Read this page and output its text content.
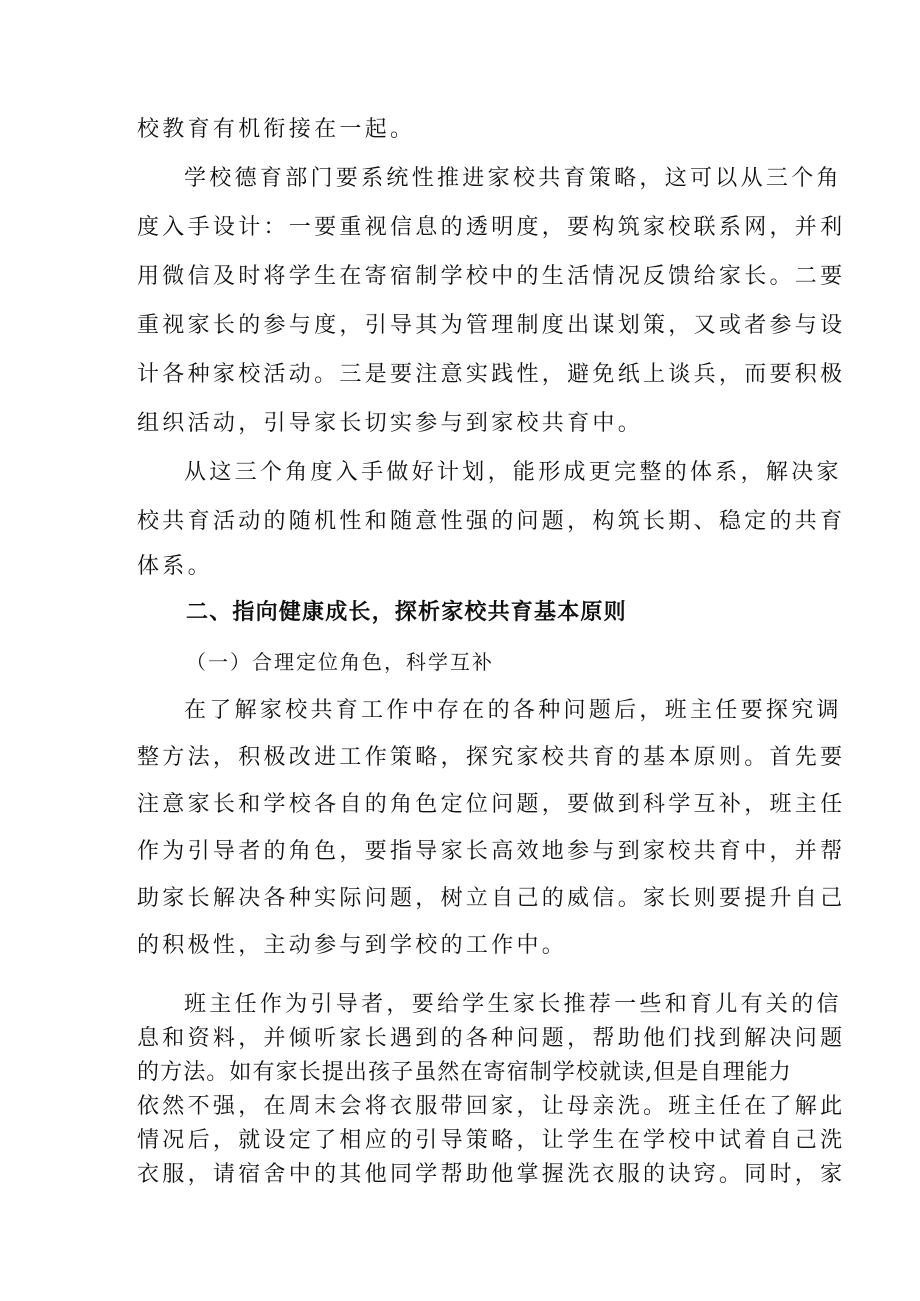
校教育有机衔接在一起。
学校德育部门要系统性推进家校共育策略，这可以从三个角
度入手设计：一要重视信息的透明度，要构筑家校联系网，并利
用微信及时将学生在寄宿制学校中的生活情况反馈给家长。二要
重视家长的参与度，引导其为管理制度出谋划策，又或者参与设
计各种家校活动。三是要注意实践性，避免纸上谈兵，而要积极
组织活动，引导家长切实参与到家校共育中。
从这三个角度入手做好计划，能形成更完整的体系，解决家
校共育活动的随机性和随意性强的问题，构筑长期、稳定的共育
体系。
二、指向健康成长，探析家校共育基本原则
（一）合理定位角色，科学互补
在了解家校共育工作中存在的各种问题后，班主任要探究调
整方法，积极改进工作策略，探究家校共育的基本原则。首先要
注意家长和学校各自的角色定位问题，要做到科学互补，班主任
作为引导者的角色，要指导家长高效地参与到家校共育中，并帮
助家长解决各种实际问题，树立自己的威信。家长则要提升自己
的积极性，主动参与到学校的工作中。
班主任作为引导者，要给学生家长推荐一些和育儿有关的信
息和资料，并倾听家长遇到的各种问题，帮助他们找到解决问题
的方法。如有家长提出孩子虽然在寄宿制学校就读,但是自理能力
依然不强，在周末会将衣服带回家，让母亲洗。班主任在了解此
情况后，就设定了相应的引导策略，让学生在学校中试着自己洗
衣服，请宿舍中的其他同学帮助他掌握洗衣服的诀窍。同时，家
